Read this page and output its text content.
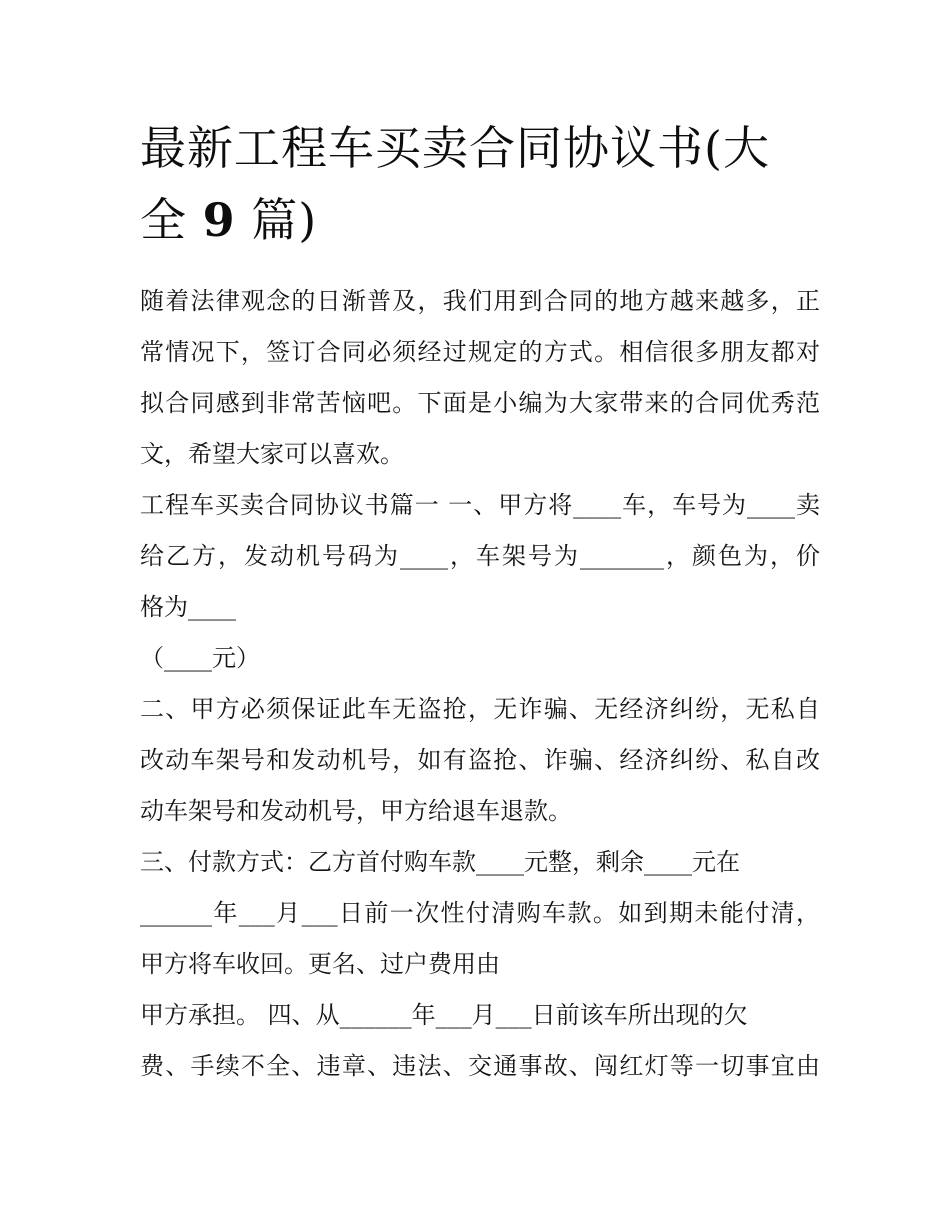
最新工程车买卖合同协议书(大
全 9 篇)
随着法律观念的日渐普及，我们用到合同的地方越来越多，正
常情况下，签订合同必须经过规定的方式。相信很多朋友都对
拟合同感到非常苦恼吧。下面是小编为大家带来的合同优秀范
文，希望大家可以喜欢。
工程车买卖合同协议书篇一 一、甲方将____车，车号为____卖
给乙方，发动机号码为____，车架号为_______，颜色为，价
格为____
（____元）
二、甲方必须保证此车无盗抢，无诈骗、无经济纠纷，无私自
改动车架号和发动机号，如有盗抢、诈骗、经济纠纷、私自改
动车架号和发动机号，甲方给退车退款。
三、付款方式：乙方首付购车款____元整，剩余____元在
______年___月___日前一次性付清购车款。如到期未能付清，
甲方将车收回。更名、过户费用由
甲方承担。 四、从______年___月___日前该车所出现的欠
费、手续不全、违章、违法、交通事故、闯红灯等一切事宜由
